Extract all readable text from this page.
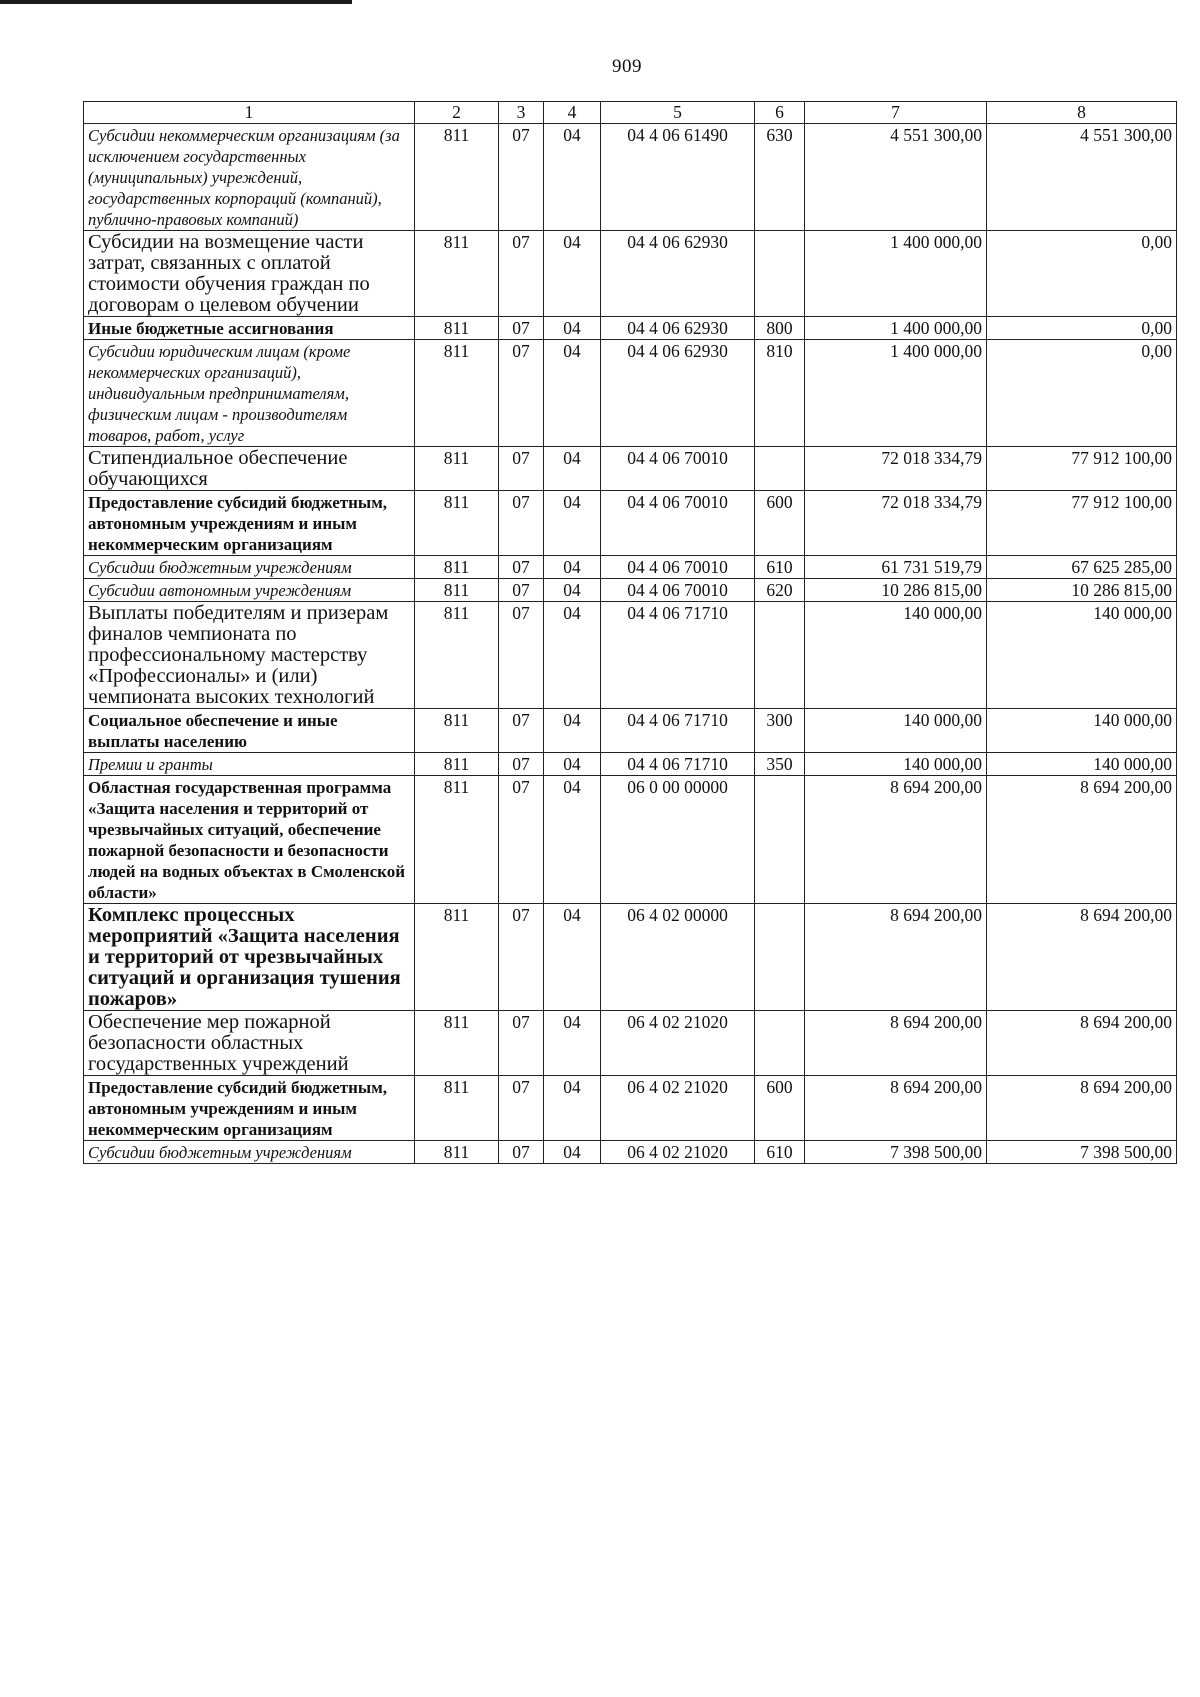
909
1	2	3	4	5	6	7	8
Субсидии некоммерческим организациям (за исключением государственных (муниципальных) учреждений, государственных корпораций (компаний), публично-правовых компаний)	811	07	04	04 4 06 61490	630	4 551 300,00	4 551 300,00
Субсидии на возмещение части затрат, связанных с оплатой стоимости обучения граждан по договорам о целевом обучении	811	07	04	04 4 06 62930		1 400 000,00	0,00
Иные бюджетные ассигнования	811	07	04	04 4 06 62930	800	1 400 000,00	0,00
Субсидии юридическим лицам (кроме некоммерческих организаций), индивидуальным предпринимателям, физическим лицам - производителям товаров, работ, услуг	811	07	04	04 4 06 62930	810	1 400 000,00	0,00
Стипендиальное обеспечение обучающихся	811	07	04	04 4 06 70010		72 018 334,79	77 912 100,00
Предоставление субсидий бюджетным, автономным учреждениям и иным некоммерческим организациям	811	07	04	04 4 06 70010	600	72 018 334,79	77 912 100,00
Субсидии бюджетным учреждениям	811	07	04	04 4 06 70010	610	61 731 519,79	67 625 285,00
Субсидии автономным учреждениям	811	07	04	04 4 06 70010	620	10 286 815,00	10 286 815,00
Выплаты победителям и призерам финалов чемпионата по профессиональному мастерству «Профессионалы» и (или) чемпионата высоких технологий	811	07	04	04 4 06 71710		140 000,00	140 000,00
Социальное обеспечение и иные выплаты населению	811	07	04	04 4 06 71710	300	140 000,00	140 000,00
Премии и гранты	811	07	04	04 4 06 71710	350	140 000,00	140 000,00
Областная государственная программа «Защита населения и территорий от чрезвычайных ситуаций, обеспечение пожарной безопасности и безопасности людей на водных объектах в Смоленской области»	811	07	04	06 0 00 00000		8 694 200,00	8 694 200,00
Комплекс процессных мероприятий «Защита населения и территорий от чрезвычайных ситуаций и организация тушения пожаров»	811	07	04	06 4 02 00000		8 694 200,00	8 694 200,00
Обеспечение мер пожарной безопасности областных государственных учреждений	811	07	04	06 4 02 21020		8 694 200,00	8 694 200,00
Предоставление субсидий бюджетным, автономным учреждениям и иным некоммерческим организациям	811	07	04	06 4 02 21020	600	8 694 200,00	8 694 200,00
Субсидии бюджетным учреждениям	811	07	04	06 4 02 21020	610	7 398 500,00	7 398 500,00
